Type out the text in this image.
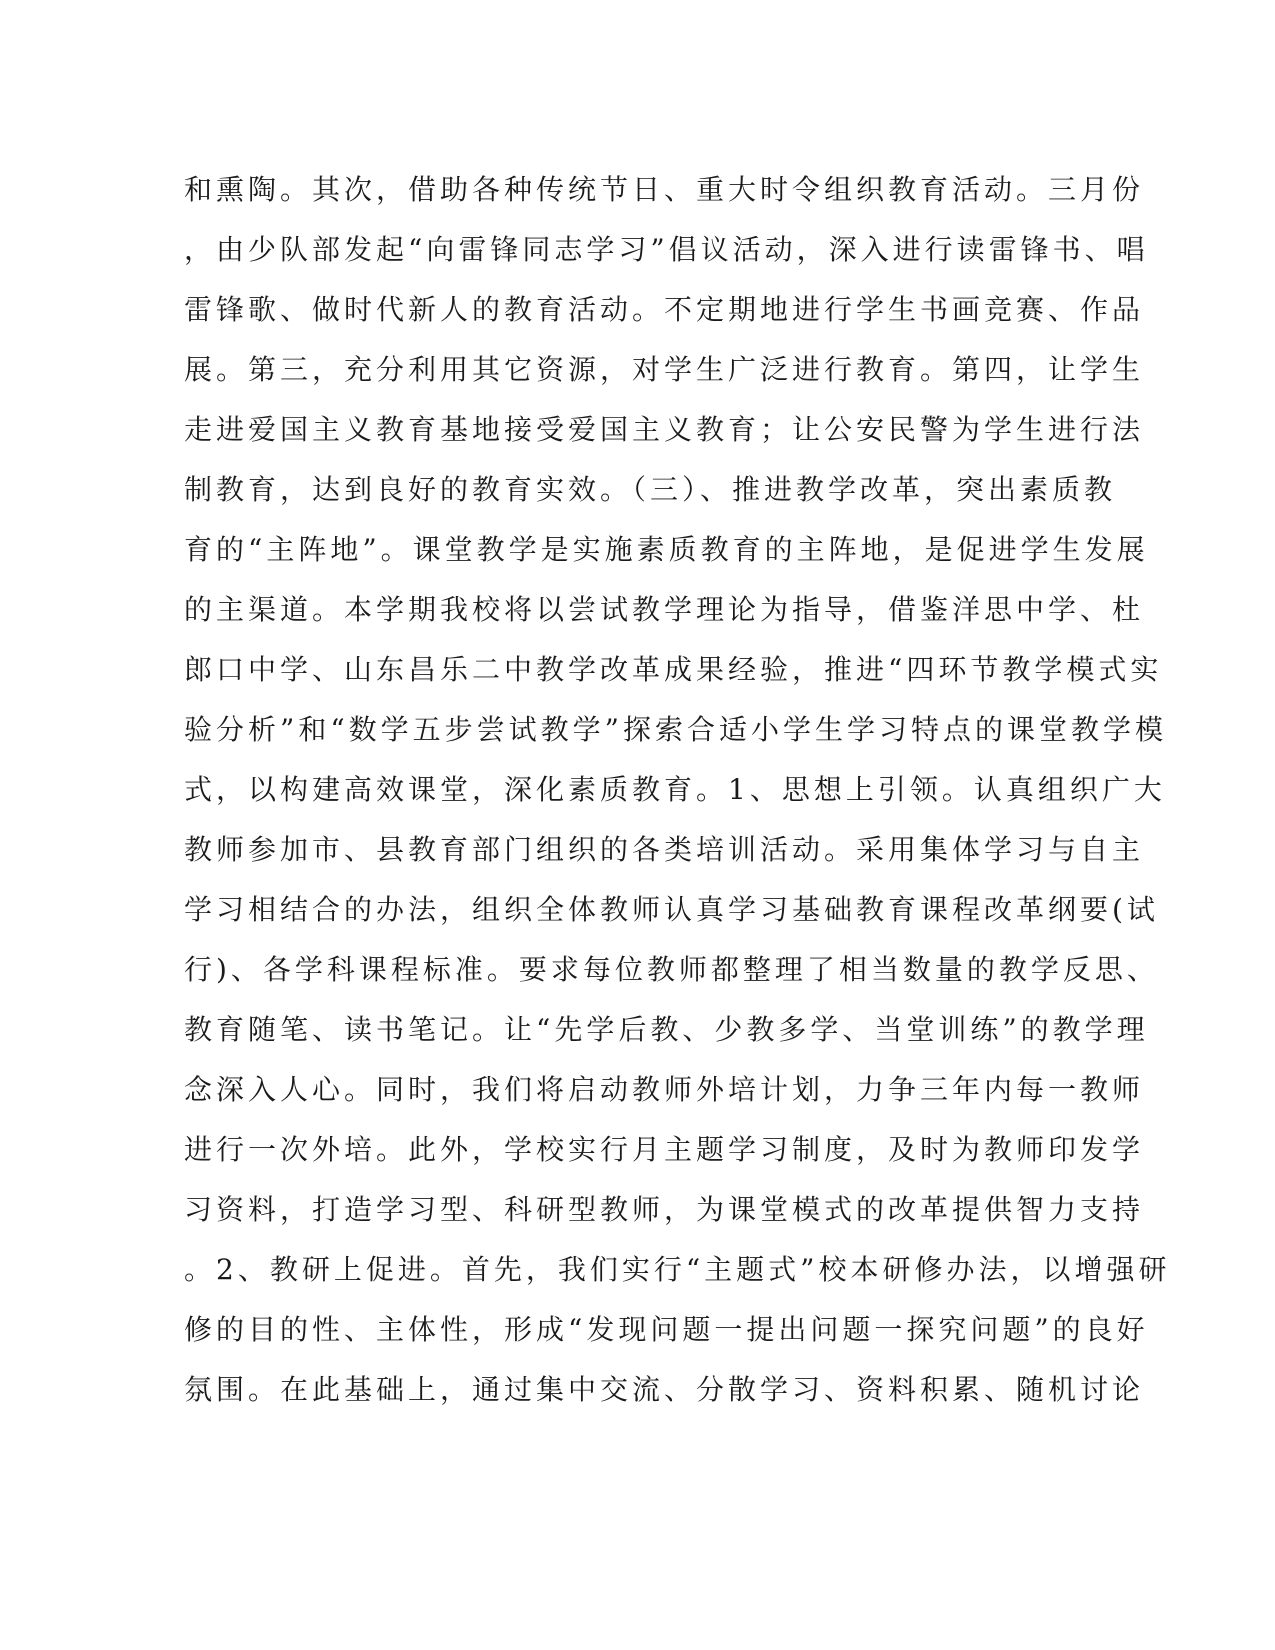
和熏陶。其次，借助各种传统节日、重大时令组织教育活动。三月份
，由少队部发起“向雷锋同志学习”倡议活动，深入进行读雷锋书、唱
雷锋歌、做时代新人的教育活动。不定期地进行学生书画竞赛、作品
展。第三，充分利用其它资源，对学生广泛进行教育。第四，让学生
走进爱国主义教育基地接受爱国主义教育；让公安民警为学生进行法
制教育，达到良好的教育实效。（三）、推进教学改革，突出素质教
育的“主阵地”。课堂教学是实施素质教育的主阵地，是促进学生发展
的主渠道。本学期我校将以尝试教学理论为指导，借鉴洋思中学、杜
郎口中学、山东昌乐二中教学改革成果经验，推进“四环节教学模式实
验分析”和“数学五步尝试教学”探索合适小学生学习特点的课堂教学模
式，以构建高效课堂，深化素质教育。1、思想上引领。认真组织广大
教师参加市、县教育部门组织的各类培训活动。采用集体学习与自主
学习相结合的办法，组织全体教师认真学习基础教育课程改革纲要(试
行)、各学科课程标准。要求每位教师都整理了相当数量的教学反思、
教育随笔、读书笔记。让“先学后教、少教多学、当堂训练”的教学理
念深入人心。同时，我们将启动教师外培计划，力争三年内每一教师
进行一次外培。此外，学校实行月主题学习制度，及时为教师印发学
习资料，打造学习型、科研型教师，为课堂模式的改革提供智力支持
。2、教研上促进。首先，我们实行“主题式”校本研修办法，以增强研
修的目的性、主体性，形成“发现问题一提出问题一探究问题”的良好
氛围。在此基础上，通过集中交流、分散学习、资料积累、随机讨论
